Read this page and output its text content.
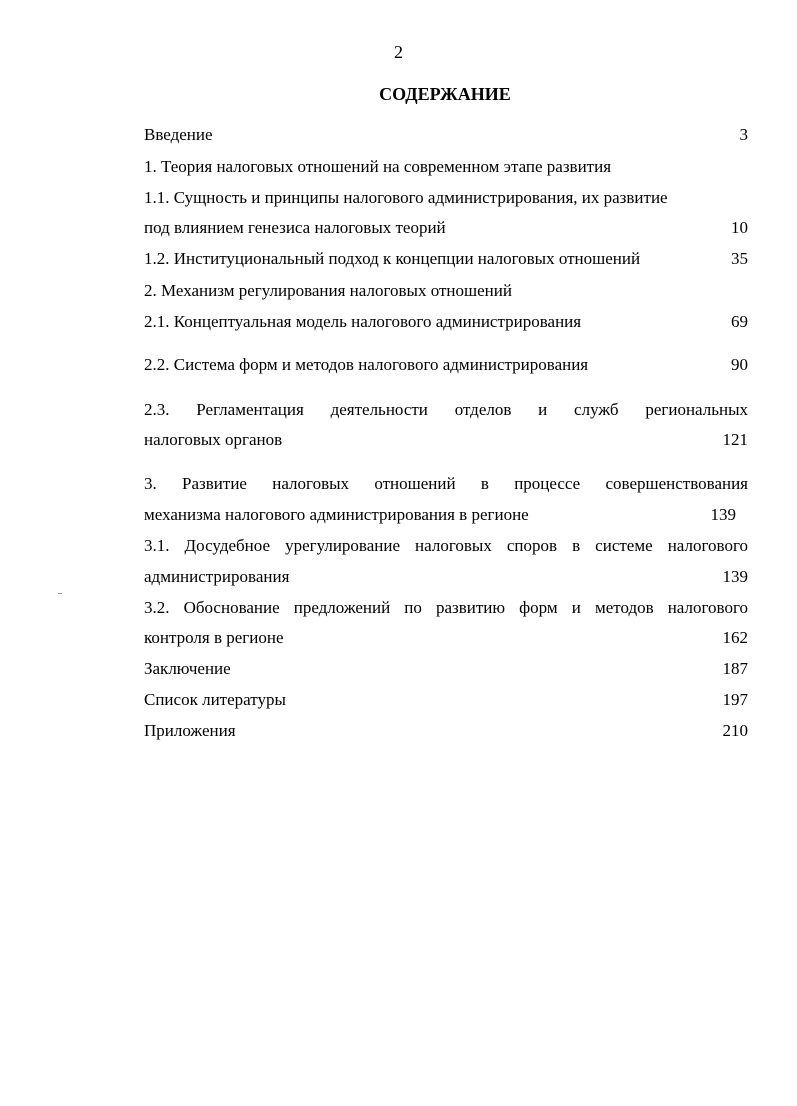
2
СОДЕРЖАНИЕ
Введение	3
1. Теория налоговых отношений на современном этапе развития
1.1. Сущность и принципы налогового администрирования, их развитие
под влиянием генезиса налоговых теорий	10
1.2. Институциональный подход к концепции налоговых отношений	35
2. Механизм регулирования налоговых отношений
2.1. Концептуальная модель налогового администрирования	69
2.2. Система форм и методов налогового администрирования	90
2.3. Регламентация деятельности отделов и служб региональных
налоговых органов	121
3. Развитие налоговых отношений в процессе совершенствования
механизма налогового администрирования в регионе	139
3.1. Досудебное урегулирование налоговых споров в системе налогового
администрирования	139
3.2. Обоснование предложений по развитию форм и методов налогового
контроля в регионе	162
Заключение	187
Список литературы	197
Приложения	210
